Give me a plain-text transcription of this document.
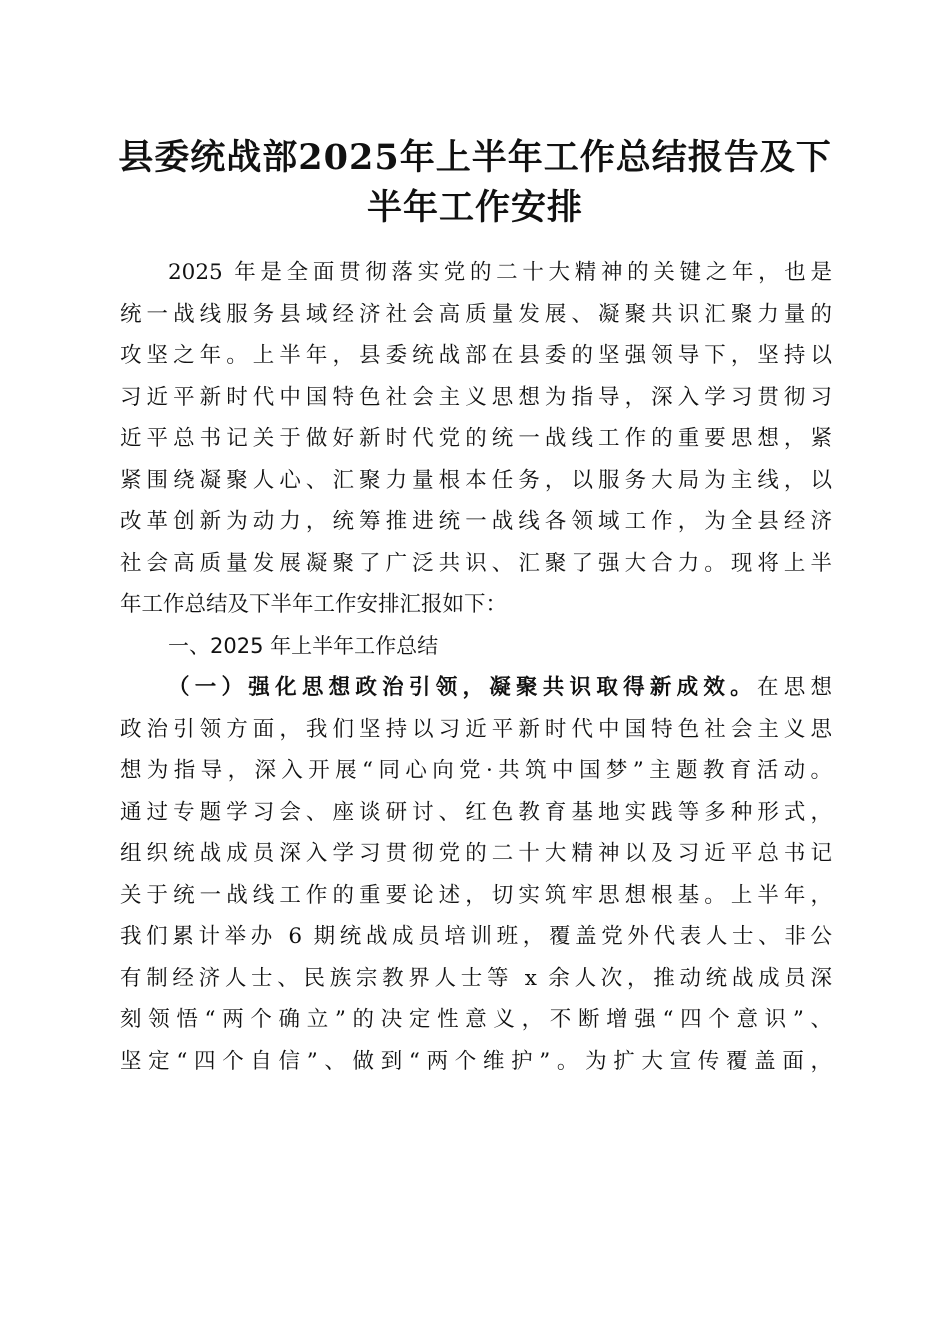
县委统战部2025年上半年工作总结报告及下
半年工作安排
2025 年是全面贯彻落实党的二十大精神的关键之年，也是
统一战线服务县域经济社会高质量发展、凝聚共识汇聚力量的
攻坚之年。上半年，县委统战部在县委的坚强领导下，坚持以
习近平新时代中国特色社会主义思想为指导，深入学习贯彻习
近平总书记关于做好新时代党的统一战线工作的重要思想，紧
紧围绕凝聚人心、汇聚力量根本任务，以服务大局为主线，以
改革创新为动力，统筹推进统一战线各领域工作，为全县经济
社会高质量发展凝聚了广泛共识、汇聚了强大合力。现将上半
年工作总结及下半年工作安排汇报如下：
一、2025 年上半年工作总结
（一）强化思想政治引领，凝聚共识取得新成效。在思想
政治引领方面，我们坚持以习近平新时代中国特色社会主义思
想为指导，深入开展“同心向党·共筑中国梦”主题教育活动。
通过专题学习会、座谈研讨、红色教育基地实践等多种形式，
组织统战成员深入学习贯彻党的二十大精神以及习近平总书记
关于统一战线工作的重要论述，切实筑牢思想根基。上半年，
我们累计举办 6 期统战成员培训班，覆盖党外代表人士、非公
有制经济人士、民族宗教界人士等 x 余人次，推动统战成员深
刻领悟“两个确立”的决定性意义，不断增强“四个意识”、
坚定“四个自信”、做到“两个维护”。为扩大宣传覆盖面，
